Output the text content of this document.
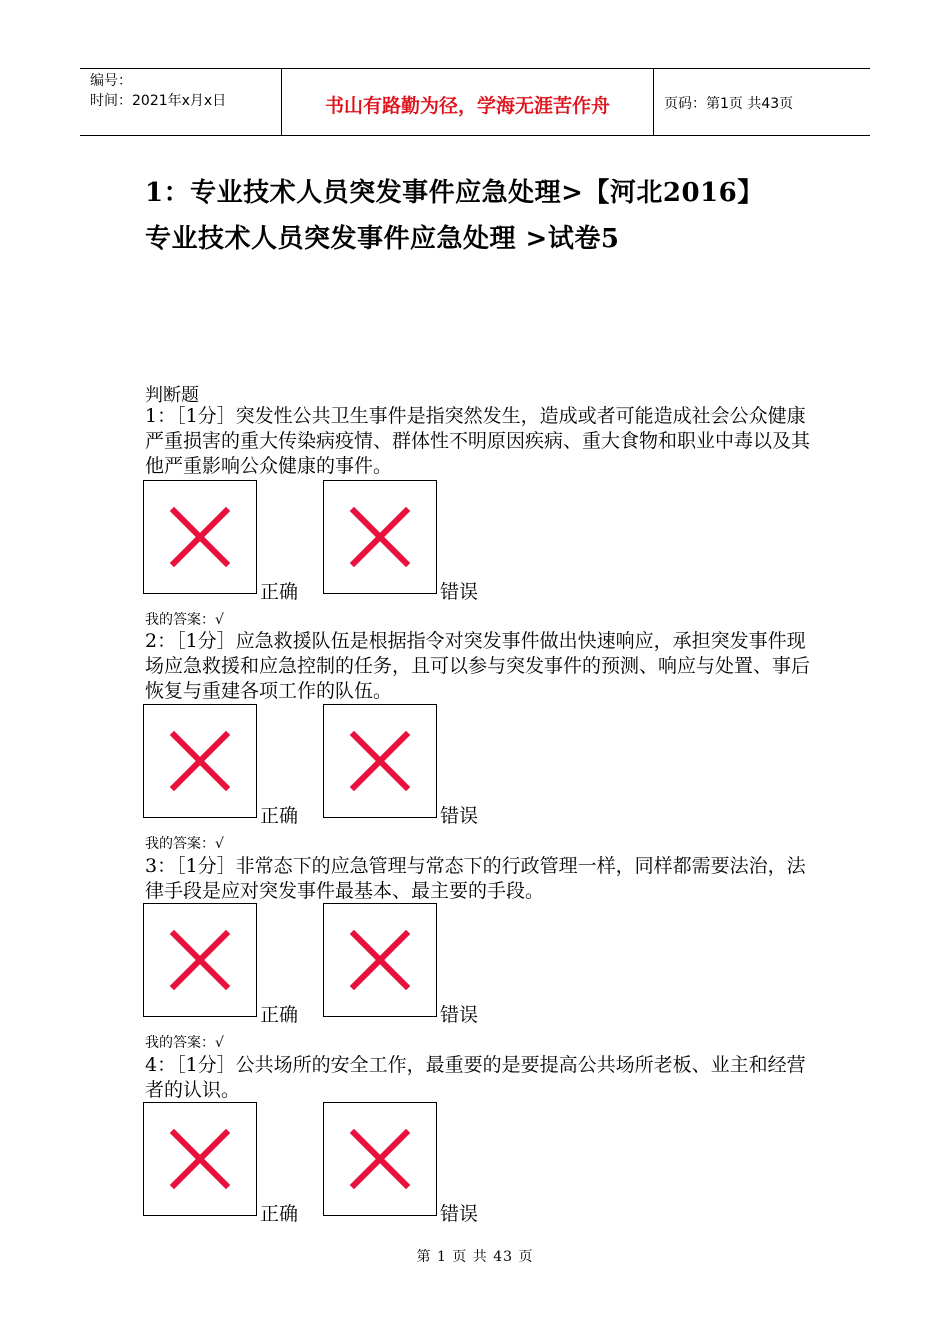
编号：
时间：2021年x月x日	书山有路勤为径，学海无涯苦作舟	页码：第1页 共43页
1：专业技术人员突发事件应急处理>【河北2016】
专业技术人员突发事件应急处理 >试卷5
判断题
1：［1分］突发性公共卫生事件是指突然发生，造成或者可能造成社会公众健康严重损害的重大传染病疫情、群体性不明原因疾病、重大食物和职业中毒以及其他严重影响公众健康的事件。
正确	错误
我的答案：√
2：［1分］应急救援队伍是根据指令对突发事件做出快速响应，承担突发事件现场应急救援和应急控制的任务，且可以参与突发事件的预测、响应与处置、事后恢复与重建各项工作的队伍。
正确	错误
我的答案：√
3：［1分］非常态下的应急管理与常态下的行政管理一样，同样都需要法治，法律手段是应对突发事件最基本、最主要的手段。
正确	错误
我的答案：√
4：［1分］公共场所的安全工作，最重要的是要提高公共场所老板、业主和经营者的认识。
正确	错误
第 1 页 共 43 页
